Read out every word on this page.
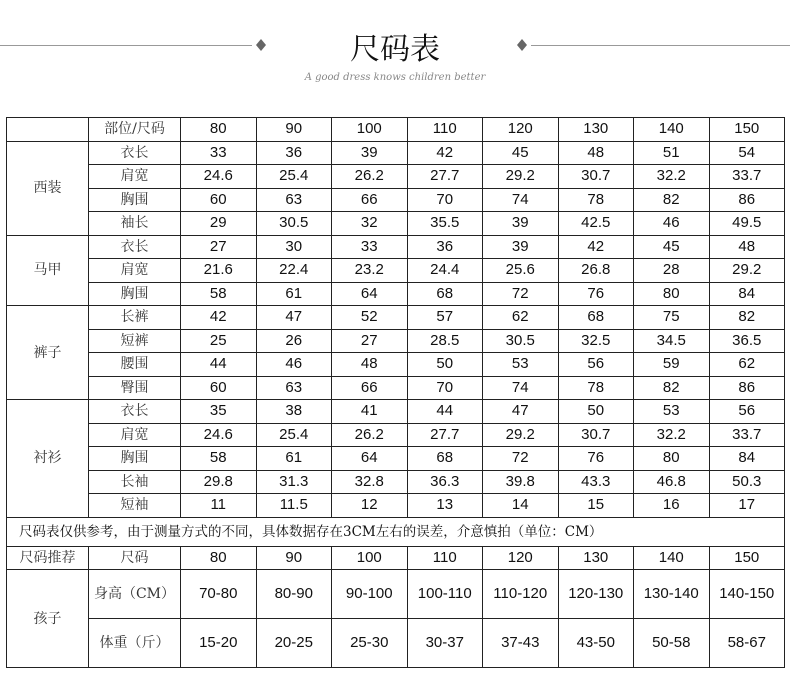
尺码表
A good dress knows children better
	部位/尺码	80	90	100	110	120	130	140	150
西装	衣长	33	36	39	42	45	48	51	54
	肩宽	24.6	25.4	26.2	27.7	29.2	30.7	32.2	33.7
	胸围	60	63	66	70	74	78	82	86
	袖长	29	30.5	32	35.5	39	42.5	46	49.5
马甲	衣长	27	30	33	36	39	42	45	48
	肩宽	21.6	22.4	23.2	24.4	25.6	26.8	28	29.2
	胸围	58	61	64	68	72	76	80	84
裤子	长裤	42	47	52	57	62	68	75	82
	短裤	25	26	27	28.5	30.5	32.5	34.5	36.5
	腰围	44	46	48	50	53	56	59	62
	臀围	60	63	66	70	74	78	82	86
衬衫	衣长	35	38	41	44	47	50	53	56
	肩宽	24.6	25.4	26.2	27.7	29.2	30.7	32.2	33.7
	胸围	58	61	64	68	72	76	80	84
	长袖	29.8	31.3	32.8	36.3	39.8	43.3	46.8	50.3
	短袖	11	11.5	12	13	14	15	16	17
尺码表仅供参考，由于测量方式的不同，具体数据存在3CM左右的误差，介意慎拍（单位：CM）									
尺码推荐	尺码	80	90	100	110	120	130	140	150
孩子	身高（CM）	70-80	80-90	90-100	100-110	110-120	120-130	130-140	140-150
	体重（斤）	15-20	20-25	25-30	30-37	37-43	43-50	50-58	58-67
